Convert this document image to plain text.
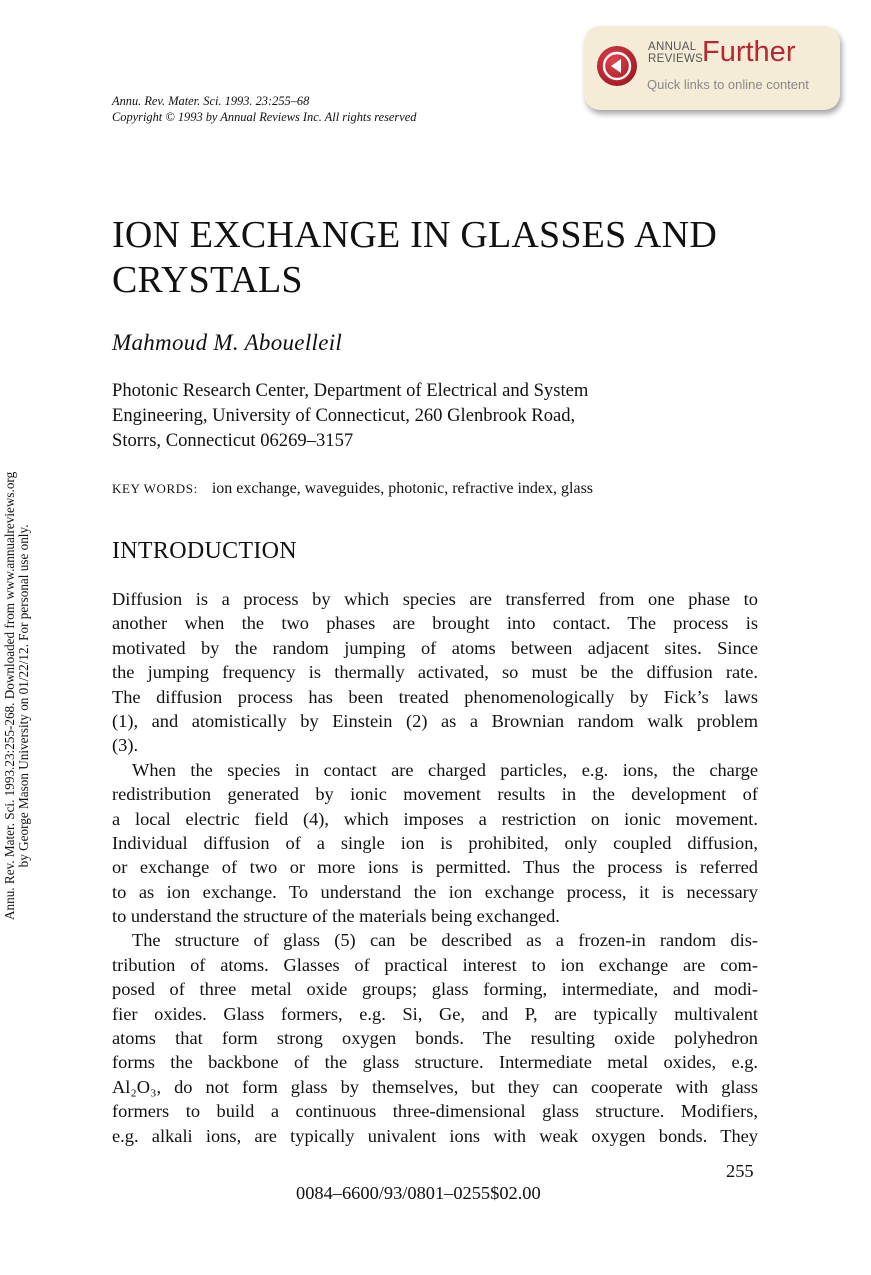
Annu. Rev. Mater. Sci. 1993. 23:255–68
Copyright © 1993 by Annual Reviews Inc. All rights reserved
ANNUAL
REVIEWS
Further
Quick links to online content
Annu. Rev. Mater. Sci. 1993.23:255-268. Downloaded from www.annualreviews.org by George Mason University on 01/22/12. For personal use only.
ION EXCHANGE IN GLASSES AND
CRYSTALS
Mahmoud M. Abouelleil
Photonic Research Center, Department of Electrical and System
Engineering, University of Connecticut, 260 Glenbrook Road,
Storrs, Connecticut 06269–3157
KEY WORDS: ion exchange, waveguides, photonic, refractive index, glass
INTRODUCTION
Diffusion is a process by which species are transferred from one phase to
another when the two phases are brought into contact. The process is
motivated by the random jumping of atoms between adjacent sites. Since
the jumping frequency is thermally activated, so must be the diffusion rate.
The diffusion process has been treated phenomenologically by Fick’s laws
(1), and atomistically by Einstein (2) as a Brownian random walk problem
(3).
When the species in contact are charged particles, e.g. ions, the charge
redistribution generated by ionic movement results in the development of
a local electric field (4), which imposes a restriction on ionic movement.
Individual diffusion of a single ion is prohibited, only coupled diffusion,
or exchange of two or more ions is permitted. Thus the process is referred
to as ion exchange. To understand the ion exchange process, it is necessary
to understand the structure of the materials being exchanged.
The structure of glass (5) can be described as a frozen-in random dis-
tribution of atoms. Glasses of practical interest to ion exchange are com-
posed of three metal oxide groups; glass forming, intermediate, and modi-
fier oxides. Glass formers, e.g. Si, Ge, and P, are typically multivalent
atoms that form strong oxygen bonds. The resulting oxide polyhedron
forms the backbone of the glass structure. Intermediate metal oxides, e.g.
Al₂O₃, do not form glass by themselves, but they can cooperate with glass
formers to build a continuous three-dimensional glass structure. Modifiers,
e.g. alkali ions, are typically univalent ions with weak oxygen bonds. They
255
0084–6600/93/0801–0255$02.00
